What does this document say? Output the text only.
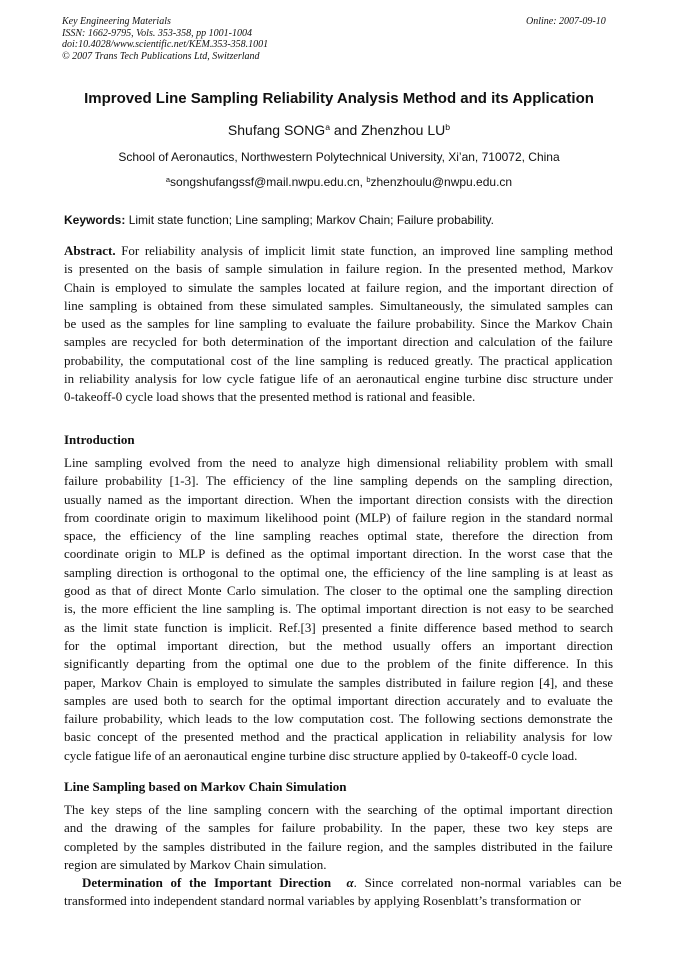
Key Engineering Materials
ISSN: 1662-9795, Vols. 353-358, pp 1001-1004
doi:10.4028/www.scientific.net/KEM.353-358.1001
© 2007 Trans Tech Publications Ltd, Switzerland
Online: 2007-09-10
Improved Line Sampling Reliability Analysis Method and its Application
Shufang SONG$^a$ and Zhenzhou $LU^b$
School of Aeronautics, Northwestern Polytechnical University, Xi’an, 710072, China
$^a$songshufangssf@mail.nwpu.edu.cn, $^b$zhenzhoulu@nwpu.edu.cn
Keywords: Limit state function; Line sampling; Markov Chain; Failure probability.
Abstract. For reliability analysis of implicit limit state function, an improved line sampling method
is presented on the basis of sample simulation in failure region. In the presented method, Markov
Chain is employed to simulate the samples located at failure region, and the important direction of
line sampling is obtained from these simulated samples. Simultaneously, the simulated samples can
be used as the samples for line sampling to evaluate the failure probability. Since the Markov Chain
samples are recycled for both determination of the important direction and calculation of the failure
probability, the computational cost of the line sampling is reduced greatly. The practical application
in reliability analysis for low cycle fatigue life of an aeronautical engine turbine disc structure under
0-takeoff-0 cycle load shows that the presented method is rational and feasible.
Introduction
Line sampling evolved from the need to analyze high dimensional reliability problem with small
failure probability [1-3]. The efficiency of the line sampling depends on the sampling direction,
usually named as the important direction. When the important direction consists with the direction
from coordinate origin to maximum likelihood point (MLP) of failure region in the standard normal
space, the efficiency of the line sampling reaches optimal state, therefore the direction from
coordinate origin to MLP is defined as the optimal important direction. In the worst case that the
sampling direction is orthogonal to the optimal one, the efficiency of the line sampling is at least as
good as that of direct Monte Carlo simulation. The closer to the optimal one the sampling direction
is, the more efficient the line sampling is. The optimal important direction is not easy to be searched
as the limit state function is implicit. Ref.[3] presented a finite difference based method to search
for the optimal important direction, but the method usually offers an important direction
significantly departing from the optimal one due to the problem of the finite difference. In this
paper, Markov Chain is employed to simulate the samples distributed in failure region [4], and these
samples are used both to search for the optimal important direction accurately and to evaluate the
failure probability, which leads to the low computation cost. The following sections demonstrate the
basic concept of the presented method and the practical application in reliability analysis for low
cycle fatigue life of an aeronautical engine turbine disc structure applied by 0-takeoff-0 cycle load.
Line Sampling based on Markov Chain Simulation
The key steps of the line sampling concern with the searching of the optimal important direction
and the drawing of the samples for failure probability. In the paper, these two key steps are
completed by the samples distributed in the failure region, and the samples distributed in the failure
region are simulated by Markov Chain simulation.
Determination of the Important Direction α. Since correlated non-normal variables can be
transformed into independent standard normal variables by applying Rosenblatt’s transformation or
